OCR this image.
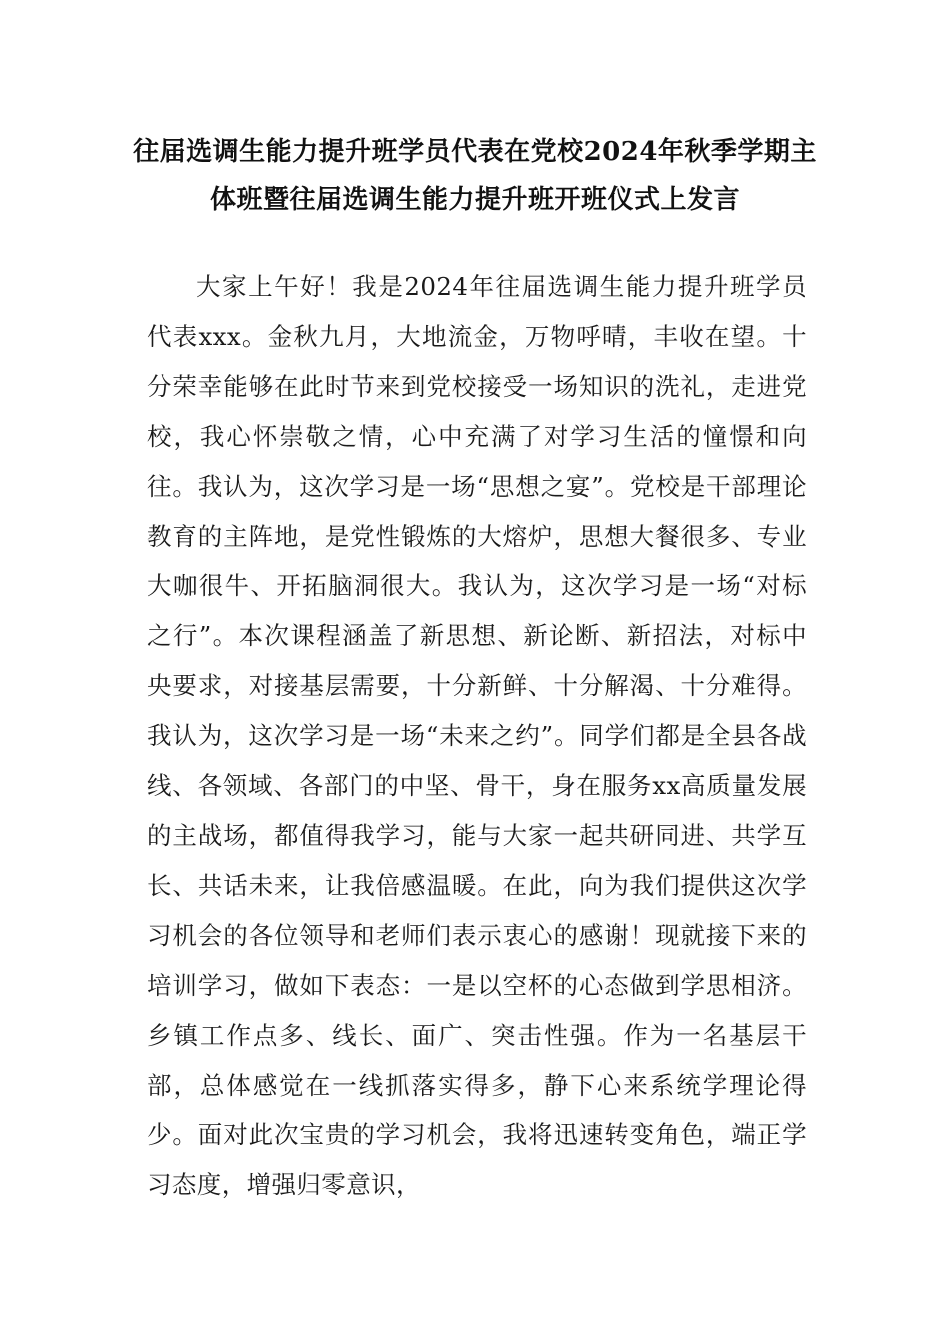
往届选调生能力提升班学员代表在党校2024年秋季学期主体班暨往届选调生能力提升班开班仪式上发言

大家上午好！我是2024年往届选调生能力提升班学员代表xxx。金秋九月，大地流金，万物呼晴，丰收在望。十分荣幸能够在此时节来到党校接受一场知识的洗礼，走进党校，我心怀崇敬之情，心中充满了对学习生活的憧憬和向往。我认为，这次学习是一场“思想之宴”。党校是干部理论教育的主阵地，是党性锻炼的大熔炉，思想大餐很多、专业大咖很牛、开拓脑洞很大。我认为，这次学习是一场“对标之行”。本次课程涵盖了新思想、新论断、新招法，对标中央要求，对接基层需要，十分新鲜、十分解渴、十分难得。我认为，这次学习是一场“未来之约”。同学们都是全县各战线、各领域、各部门的中坚、骨干，身在服务xx高质量发展的主战场，都值得我学习，能与大家一起共研同进、共学互长、共话未来，让我倍感温暖。在此，向为我们提供这次学习机会的各位领导和老师们表示衷心的感谢！现就接下来的培训学习，做如下表态：一是以空杯的心态做到学思相济。乡镇工作点多、线长、面广、突击性强。作为一名基层干部，总体感觉在一线抓落实得多，静下心来系统学理论得少。面对此次宝贵的学习机会，我将迅速转变角色，端正学习态度，增强归零意识，
